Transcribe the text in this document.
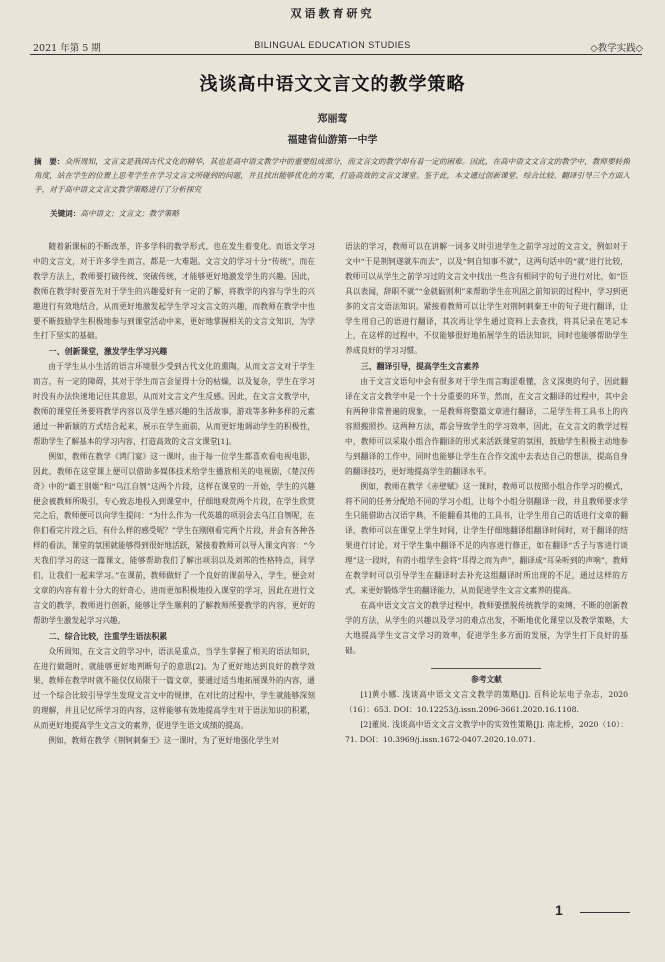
双语教育研究
2021 年第 5 期	BILINGUAL EDUCATION STUDIES	◇教学实践◇
浅谈高中语文文言文的教学策略
郑丽莺
福建省仙游第一中学
摘　要：众所周知，文言文是我国古代文化的精华，其也是高中语文教学中的重要组成部分，而文言文的教学却有着一定的困难。因此，在高中语文文言文的教学中，教师要转换角度，站在学生的位置上思考学生在学习文言文所碰到的问题，并且找出能够优化的方案，打造高效的文言文课堂。鉴于此，本文通过创新课堂、综合比较、翻译引导三个方面入手，对于高中语文文言文教学策略进行了分析探究
关键词：高中语文；文言文；教学策略

随着新课标的不断改革，许多学科的教学形式、也在发生着变化。而语文学习中的文言文，对于许多学生而言，都是一大难题。文言文的学习十分“传统”，而在教学方法上，教师要打破传统、突破传统，才能够更好地激发学生的兴趣。因此，教师在教学时要首先对于学生的兴趣爱好有一定的了解，将教学的内容与学生的兴趣进行有效地结合，从而更好地激发起学生学习文言文的兴趣，而教师在教学中也要不断鼓励学生积极地参与到课堂活动中来，更好地掌握相关的文言文知识，为学生打下坚实的基础。

一、创新课堂，激发学生学习兴趣

由于学生从小生活的语言环境很少受到古代文化的熏陶，从而文言文对于学生而言，有一定的障碍，其对于学生而言会显得十分的枯燥，以及复杂，学生在学习时没有办法快速地记住其意思，从而对文言文产生反感。因此，在文言文教学中，教师的课堂任务要将教学内容以及学生感兴趣的生活故事，游戏等多种多样的元素通过一种新颖的方式结合起来，展示在学生面前，从而更好地调动学生的积极性，帮助学生了解基本的学习内容，打造高效的文言文课堂[1]。

例如，教师在教学《鸿门宴》这一课时，由于每一位学生都喜欢看电视电影，因此，教师在这堂课上便可以借助多媒体技术给学生播放相关的电视剧，《楚汉传奇》中的“霸王别姬”和“乌江自刎”这两个片段，这样在课堂的一开始，学生的兴趣便会被教师所吸引，专心致志地投入到课堂中，仔细地观赏两个片段，在学生欣赏完之后，教师便可以向学生提问：“为什么作为一代英雄的项羽会去乌江自刎呢，在你们看完片段之后，有什么样的感受呢？”学生在刚刚看完两个片段，并会有各种各样的看法，课堂的氛围就能够得到很好地活跃，紧接着教师可以导入课文内容：“今天我们学习的这一篇课文，能够帮助我们了解出项羽以及刘邦的性格特点，同学们，让我们一起来学习。”在课前，教师做好了一个良好的课前导入，学生，便会对文章的内容有着十分大的好奇心，进而更加积极地投入课堂的学习，因此在进行文言文的教学，教师进行创新，能够让学生顺利的了解教师所要教学的内容，更好的帮助学生激发起学习兴趣。

二、综合比较，注重学生语法积累

众所周知，在文言文的学习中，语法是重点，当学生掌握了相关的语法知识，在进行做题时，就能够更好地判断句子的意思[2]。为了更好地达到良好的教学效果，教师在教学时就不能仅仅局限于一篇文章，要通过适当地拓展课外的内容，通过一个综合比较引导学生发现文言文中的规律，在对比的过程中，学生就能够深刻的理解，并且记忆所学习的内容，这样能够有效地提高学生对于语法知识的积累，从而更好地提高学生文言文的素养，促进学生语文成绩的提高。

例如，教师在教学《荆轲刺秦王》这一课时，为了更好地强化学生对

语法的学习，教师可以在讲解一词多义时引进学生之前学习过的文言文，例如对于文中“于是荆轲遂就车而去”，以及“轲自知事不就”，这两句话中的“就”进行比较，教师可以从学生之前学习过的文言文中找出一些含有相同字的句子进行对比，如“臣具以表闻，辞职不就”“金就砺则利”来帮助学生在巩固之前知识的过程中，学习到更多的文言文语法知识。紧接着教师可以让学生对荆轲刺秦王中的句子进行翻译，让学生用自己的语进行翻译，其次再让学生通过资料上去查找，将其记录在笔记本上，在这样的过程中，不仅能够很好地拓展学生的语法知识，同时也能够帮助学生养成良好的学习习惯。

三、翻译引导，提高学生文言素养

由于文言文语句中会有很多对于学生而言晦涩难懂，含义深奥的句子，因此翻译在文言文教学中是一个十分重要的环节，然而，在文言文翻译的过程中，其中会有两种非常普遍的现象，一是教师将整篇文章进行翻译，二是学生将工具书上的内容照搬照抄。这两种方法，都会导致学生的学习效率，因此，在文言文的教学过程中，教师可以采取小组合作翻译的形式来活跃课堂的氛围，鼓励学生积极主动地参与到翻译的工作中，同时也能够让学生在合作交流中去表达自己的想法，提高自身的翻译技巧，更好地提高学生的翻译水平。

例如，教师在教学《赤壁赋》这一课时，教师可以按照小组合作学习的模式，将不同的任务分配给不同的学习小组，让每个小组分别翻译一段，并且教师要求学生只能借助古汉语字典，不能翻看其他的工具书，让学生用自己的话进行文章的翻译，教师可以在课堂上学生时间，让学生仔细地翻译组翻译时间时，对于翻译的结果进行讨论，对于学生集中翻译不足的内容进行修正，如在翻译“舌子与客进行谈理”这一段时，有的小组学生会将“耳得之而为声”，翻译成“耳朵听到的声响”，教师在教学时可以引导学生在翻译时去补充这组翻译时所出现的不足，通过这样的方式，来更好锻炼学生的翻译能力，从而促进学生文言文素养的提高。

在高中语文文言文的教学过程中，教师要摆脱传统教学的束缚，不断的创新教学的方法，从学生的兴趣以及学习的难点出发，不断地优化课堂以及教学策略，大大地提高学生文言文学习的效率，促进学生多方面的发展，为学生打下良好的基础。

参考文献

[1]黄小娜. 浅谈高中语文文言文教学的策略[J]. 百科论坛电子杂志，2020（16）：653. DOI：10.12253/j.issn.2096-3661.2020.16.1108.

[2]董岚. 浅谈高中语文文言文教学中的实效性策略[J]. 南北桥，2020（10）：71. DOI：10.3969/j.issn.1672-0407.2020.10.071.

1
